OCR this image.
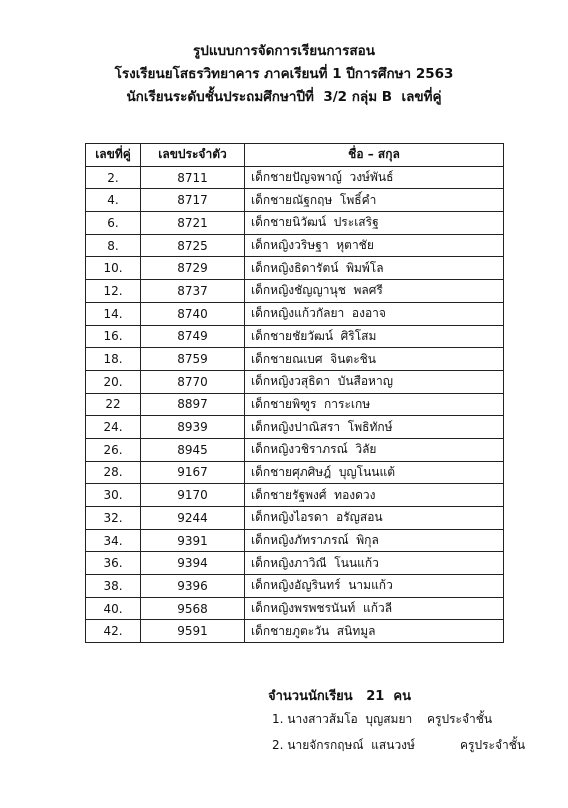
รูปแบบการจัดการเรียนการสอน
โรงเรียนยโสธรวิทยาคาร ภาคเรียนที่ 1 ปีการศึกษา 2563
นักเรียนระดับชั้นประถมศึกษาปีที่  3/2 กลุ่ม B  เลขที่คู่
เลขที่คู่	เลขประจำตัว	ชื่อ – สกุล
2.	8711	เด็กชายปัญจพาญ์  วงษ์พันธ์
4.	8717	เด็กชายณัฐกฤษ  โพธิ์คำ
6.	8721	เด็กชายนิวัฒน์  ประเสริฐ
8.	8725	เด็กหญิงวริษฐา  หุตาชัย
10.	8729	เด็กหญิงธิดารัตน์  พิมพ์โล
12.	8737	เด็กหญิงชัญญานุช  พลศรี
14.	8740	เด็กหญิงแก้วกัลยา  องอาจ
16.	8749	เด็กชายชัยวัฒน์  ศิริโสม
18.	8759	เด็กชายณเบศ  จินตะชิน
20.	8770	เด็กหญิงวสุธิดา  บันสือหาญ
22	8897	เด็กชายพิฑูร  การะเกษ
24.	8939	เด็กหญิงปาณิสรา  โพธิทักษ์
26.	8945	เด็กหญิงวชิราภรณ์  วิลัย
28.	9167	เด็กชายศุภศิษฎ์  บุญโนนแต้
30.	9170	เด็กชายรัฐพงศ์  ทองดวง
32.	9244	เด็กหญิงไอรดา  อรัญสอน
34.	9391	เด็กหญิงภัทราภรณ์  พิกุล
36.	9394	เด็กหญิงภาวิณี  โนนแก้ว
38.	9396	เด็กหญิงอัญรินทร์  นามแก้ว
40.	9568	เด็กหญิงพรพชรนันท์  แก้วลี
42.	9591	เด็กชายภูตะวัน  สนิทมูล
จำนวนนักเรียน   21  คน

1. นางสาวส้มโอ  บุญสมยา

ครูประจำชั้น

2. นายจักรกฤษณ์  แสนวงษ์

	ครูประจำชั้น
